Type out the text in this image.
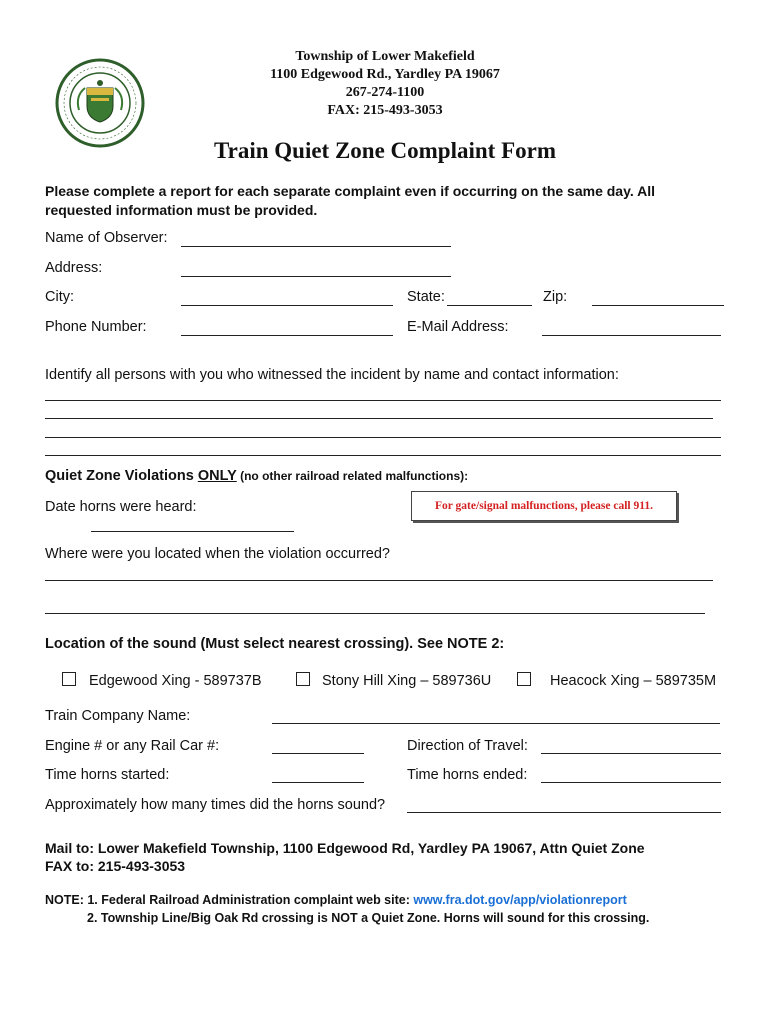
Township of Lower Makefield
1100 Edgewood Rd., Yardley PA 19067
267-274-1100
FAX: 215-493-3053
Train Quiet Zone Complaint Form
Please complete a report for each separate complaint even if occurring on the same day. All requested information must be provided.
Name of Observer:
Address:
City:	State:	Zip:
Phone Number:	E-Mail Address:
Identify all persons with you who witnessed the incident by name and contact information:
Quiet Zone Violations ONLY (no other railroad related malfunctions):
Date horns were heard:	For gate/signal malfunctions, please call 911.
Where were you located when the violation occurred?
Location of the sound (Must select nearest crossing). See NOTE 2:
Edgewood Xing - 589737B	Stony Hill Xing – 589736U	Heacock Xing – 589735M
Train Company Name:
Engine # or any Rail Car #:	Direction of Travel:
Time horns started:	Time horns ended:
Approximately how many times did the horns sound?
Mail to: Lower Makefield Township, 1100 Edgewood Rd, Yardley PA 19067, Attn Quiet Zone
FAX to: 215-493-3053
NOTE: 1. Federal Railroad Administration complaint web site: www.fra.dot.gov/app/violationreport
2. Township Line/Big Oak Rd crossing is NOT a Quiet Zone. Horns will sound for this crossing.
